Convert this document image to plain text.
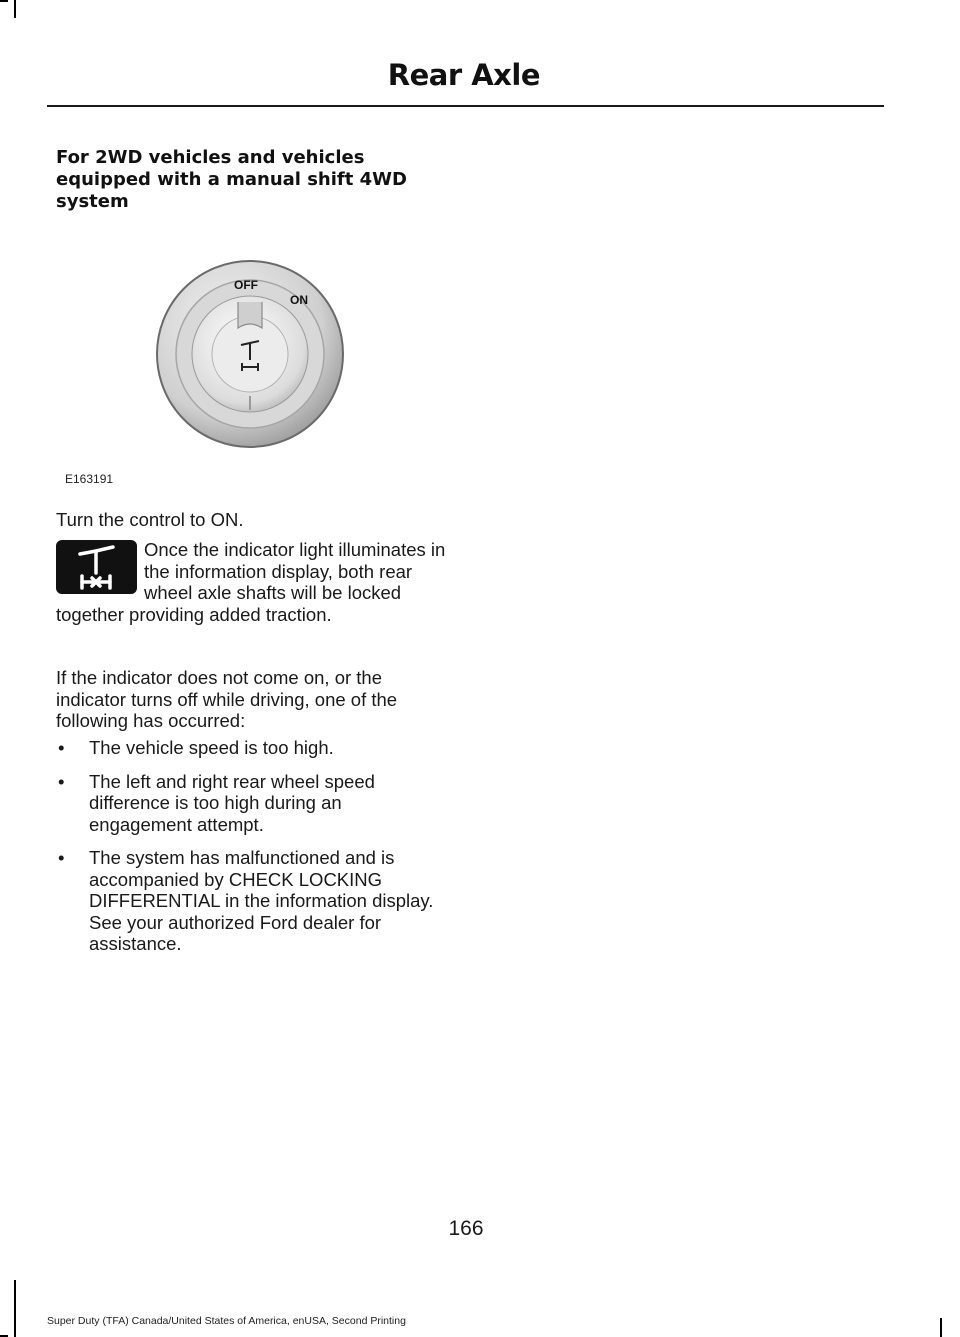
Rear Axle
For 2WD vehicles and vehicles equipped with a manual shift 4WD system
OFF
ON
E163191
Turn the control to ON.
Once the indicator light illuminates in the information display, both rear wheel axle shafts will be locked together providing added traction.
If the indicator does not come on, or the indicator turns off while driving, one of the following has occurred:
• The vehicle speed is too high.
• The left and right rear wheel speed difference is too high during an engagement attempt.
• The system has malfunctioned and is accompanied by CHECK LOCKING DIFFERENTIAL in the information display. See your authorized Ford dealer for assistance.
166
Super Duty (TFA) Canada/United States of America, enUSA, Second Printing
